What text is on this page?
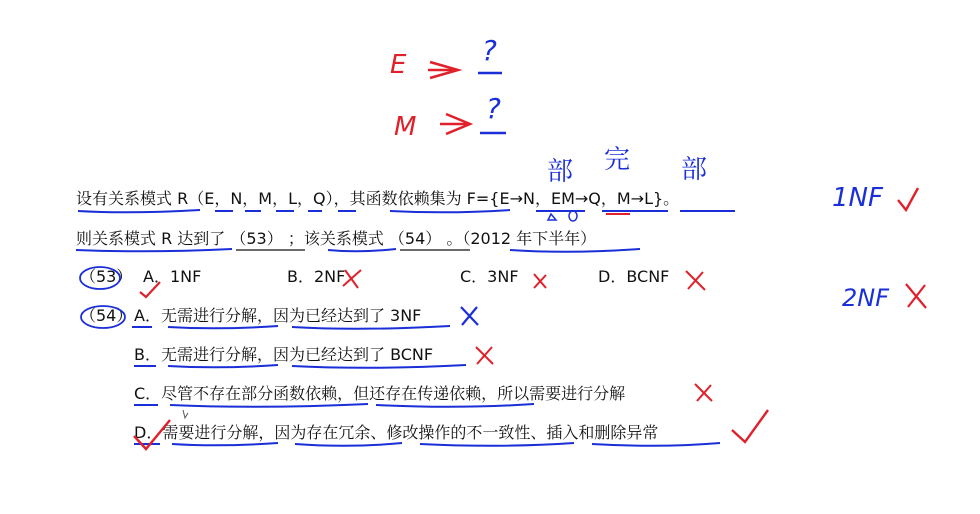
设有关系模式 R（E，N，M，L，Q），其函数依赖集为 F={E→N，EM→Q，M→L}。
则关系模式 R 达到了 （53） ；该关系模式 （54） 。（2012 年下半年）
（53） A．1NF	B．2NF	C．3NF	D．BCNF
（54） A．无需进行分解，因为已经达到了 3NF
B．无需进行分解，因为已经达到了 BCNF
C．尽管不存在部分函数依赖，但还存在传递依赖，所以需要进行分解
D．需要进行分解，因为存在冗余、修改操作的不一致性、插入和删除异常
E	?
M
?
部 完 部
1NF
2NF
